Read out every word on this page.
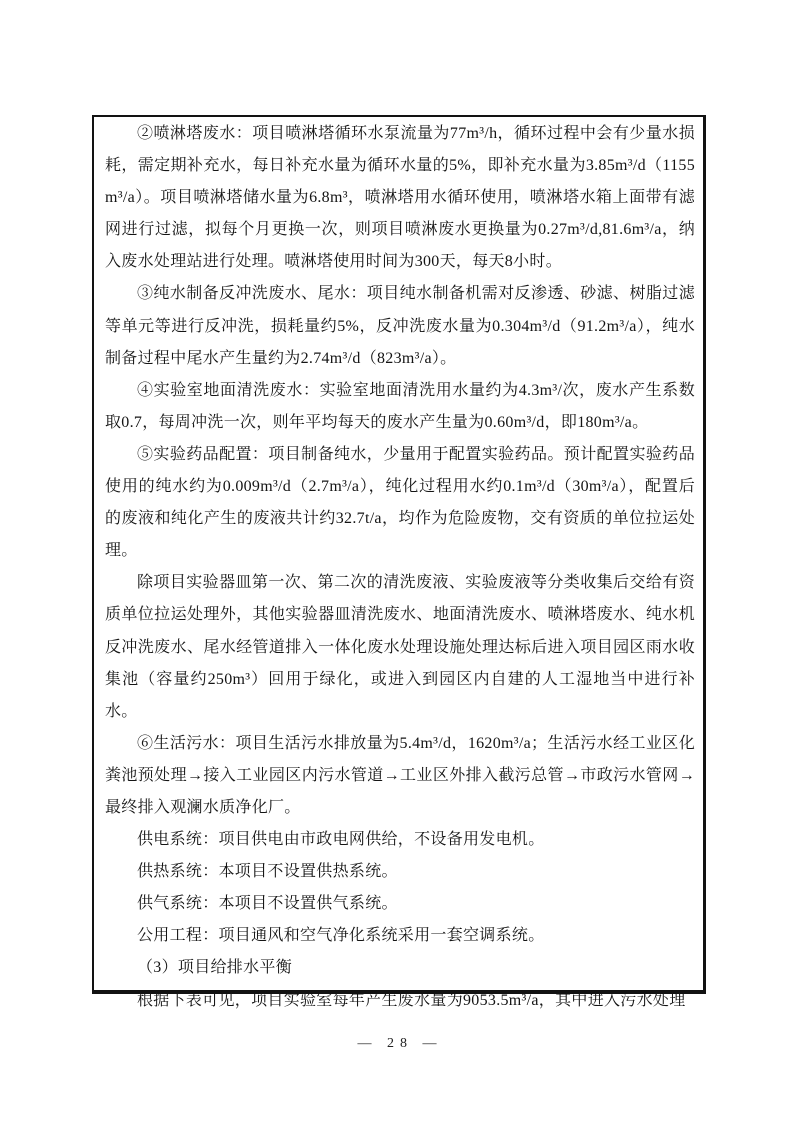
②喷淋塔废水：项目喷淋塔循环水泵流量为77m³/h，循环过程中会有少量水损耗，需定期补充水，每日补充水量为循环水量的5%，即补充水量为3.85m³/d（1155m³/a）。项目喷淋塔储水量为6.8m³，喷淋塔用水循环使用，喷淋塔水箱上面带有滤网进行过滤，拟每个月更换一次，则项目喷淋废水更换量为0.27m³/d,81.6m³/a，纳入废水处理站进行处理。喷淋塔使用时间为300天，每天8小时。

③纯水制备反冲洗废水、尾水：项目纯水制备机需对反渗透、砂滤、树脂过滤等单元等进行反冲洗，损耗量约5%，反冲洗废水量为0.304m³/d（91.2m³/a），纯水制备过程中尾水产生量约为2.74m³/d（823m³/a）。

④实验室地面清洗废水：实验室地面清洗用水量约为4.3m³/次，废水产生系数取0.7，每周冲洗一次，则年平均每天的废水产生量为0.60m³/d，即180m³/a。

⑤实验药品配置：项目制备纯水，少量用于配置实验药品。预计配置实验药品使用的纯水约为0.009m³/d（2.7m³/a），纯化过程用水约0.1m³/d（30m³/a），配置后的废液和纯化产生的废液共计约32.7t/a，均作为危险废物，交有资质的单位拉运处理。

除项目实验器皿第一次、第二次的清洗废液、实验废液等分类收集后交给有资质单位拉运处理外，其他实验器皿清洗废水、地面清洗废水、喷淋塔废水、纯水机反冲洗废水、尾水经管道排入一体化废水处理设施处理达标后进入项目园区雨水收集池（容量约250m³）回用于绿化，或进入到园区内自建的人工湿地当中进行补水。

⑥生活污水：项目生活污水排放量为5.4m³/d，1620m³/a；生活污水经工业区化粪池预处理→接入工业园区内污水管道→工业区外排入截污总管→市政污水管网→最终排入观澜水质净化厂。

供电系统：项目供电由市政电网供给，不设备用发电机。

供热系统：本项目不设置供热系统。

供气系统：本项目不设置供气系统。

公用工程：项目通风和空气净化系统采用一套空调系统。

（3）项目给排水平衡

根据下表可见，项目实验室每年产生废水量为9053.5m³/a，其中进入污水处理

— 28 —
